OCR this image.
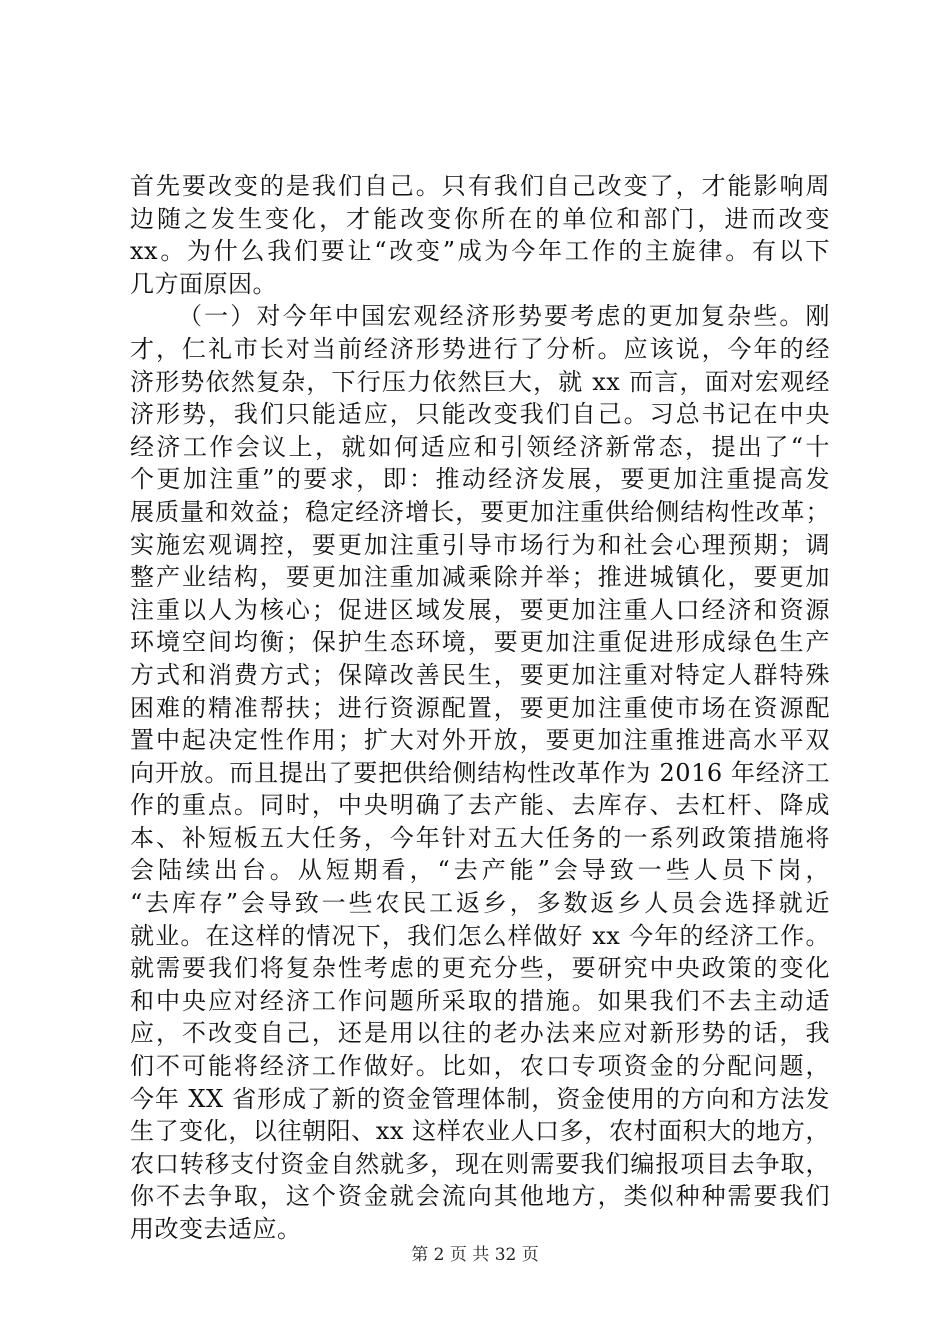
首先要改变的是我们自己。只有我们自己改变了，才能影响周
边随之发生变化，才能改变你所在的单位和部门，进而改变
xx。为什么我们要让“改变”成为今年工作的主旋律。有以下
几方面原因。
（一）对今年中国宏观经济形势要考虑的更加复杂些。刚
才，仁礼市长对当前经济形势进行了分析。应该说，今年的经
济形势依然复杂，下行压力依然巨大，就 xx 而言，面对宏观经
济形势，我们只能适应，只能改变我们自己。习总书记在中央
经济工作会议上，就如何适应和引领经济新常态，提出了“十
个更加注重”的要求，即：推动经济发展，要更加注重提高发
展质量和效益；稳定经济增长，要更加注重供给侧结构性改革；
实施宏观调控，要更加注重引导市场行为和社会心理预期；调
整产业结构，要更加注重加减乘除并举；推进城镇化，要更加
注重以人为核心；促进区域发展，要更加注重人口经济和资源
环境空间均衡；保护生态环境，要更加注重促进形成绿色生产
方式和消费方式；保障改善民生，要更加注重对特定人群特殊
困难的精准帮扶；进行资源配置，要更加注重使市场在资源配
置中起决定性作用；扩大对外开放，要更加注重推进高水平双
向开放。而且提出了要把供给侧结构性改革作为 2016 年经济工
作的重点。同时，中央明确了去产能、去库存、去杠杆、降成
本、补短板五大任务，今年针对五大任务的一系列政策措施将
会陆续出台。从短期看，“去产能”会导致一些人员下岗，
“去库存”会导致一些农民工返乡，多数返乡人员会选择就近
就业。在这样的情况下，我们怎么样做好 xx 今年的经济工作。
就需要我们将复杂性考虑的更充分些，要研究中央政策的变化
和中央应对经济工作问题所采取的措施。如果我们不去主动适
应，不改变自己，还是用以往的老办法来应对新形势的话，我
们不可能将经济工作做好。比如，农口专项资金的分配问题，
今年 XX 省形成了新的资金管理体制，资金使用的方向和方法发
生了变化，以往朝阳、xx 这样农业人口多，农村面积大的地方，
农口转移支付资金自然就多，现在则需要我们编报项目去争取，
你不去争取，这个资金就会流向其他地方，类似种种需要我们
用改变去适应。
第 2 页 共 32 页
